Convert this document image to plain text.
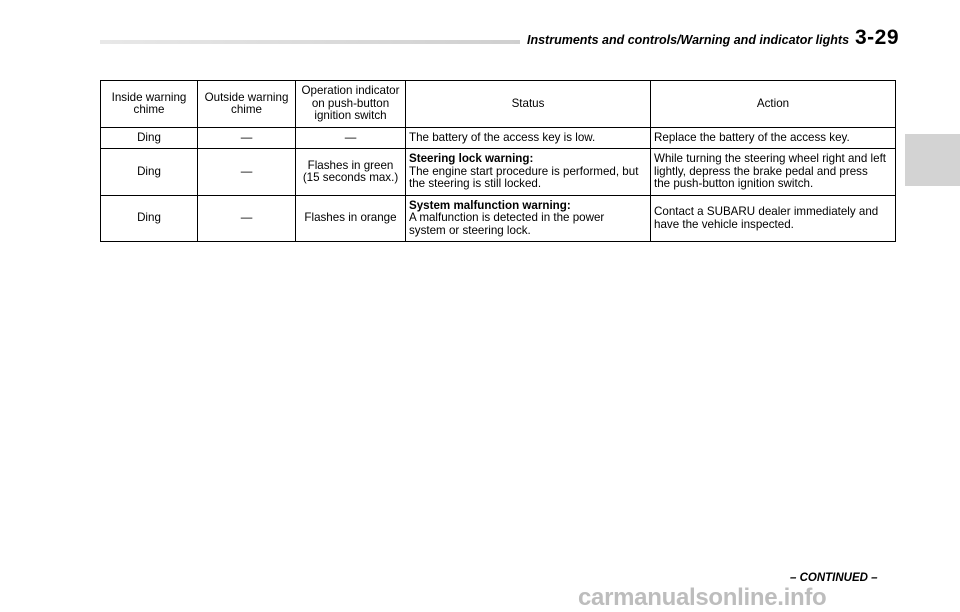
Instruments and controls/Warning and indicator lights 3-29
Inside warning
chime	Outside warning
chime	Operation indicator
on push-button
ignition switch	Status	Action
Ding	—	—	The battery of the access key is low.	Replace the battery of the access key.
Ding	—	Flashes in green
(15 seconds max.)	Steering lock warning:
The engine start procedure is performed, but
the steering is still locked.	While turning the steering wheel right and left
lightly, depress the brake pedal and press
the push-button ignition switch.

Ding	—	Flashes in orange	System malfunction warning:
A malfunction is detected in the power
system or steering lock.	Contact a SUBARU dealer immediately and
have the vehicle inspected.
– CONTINUED –
carmanualsonline.info
